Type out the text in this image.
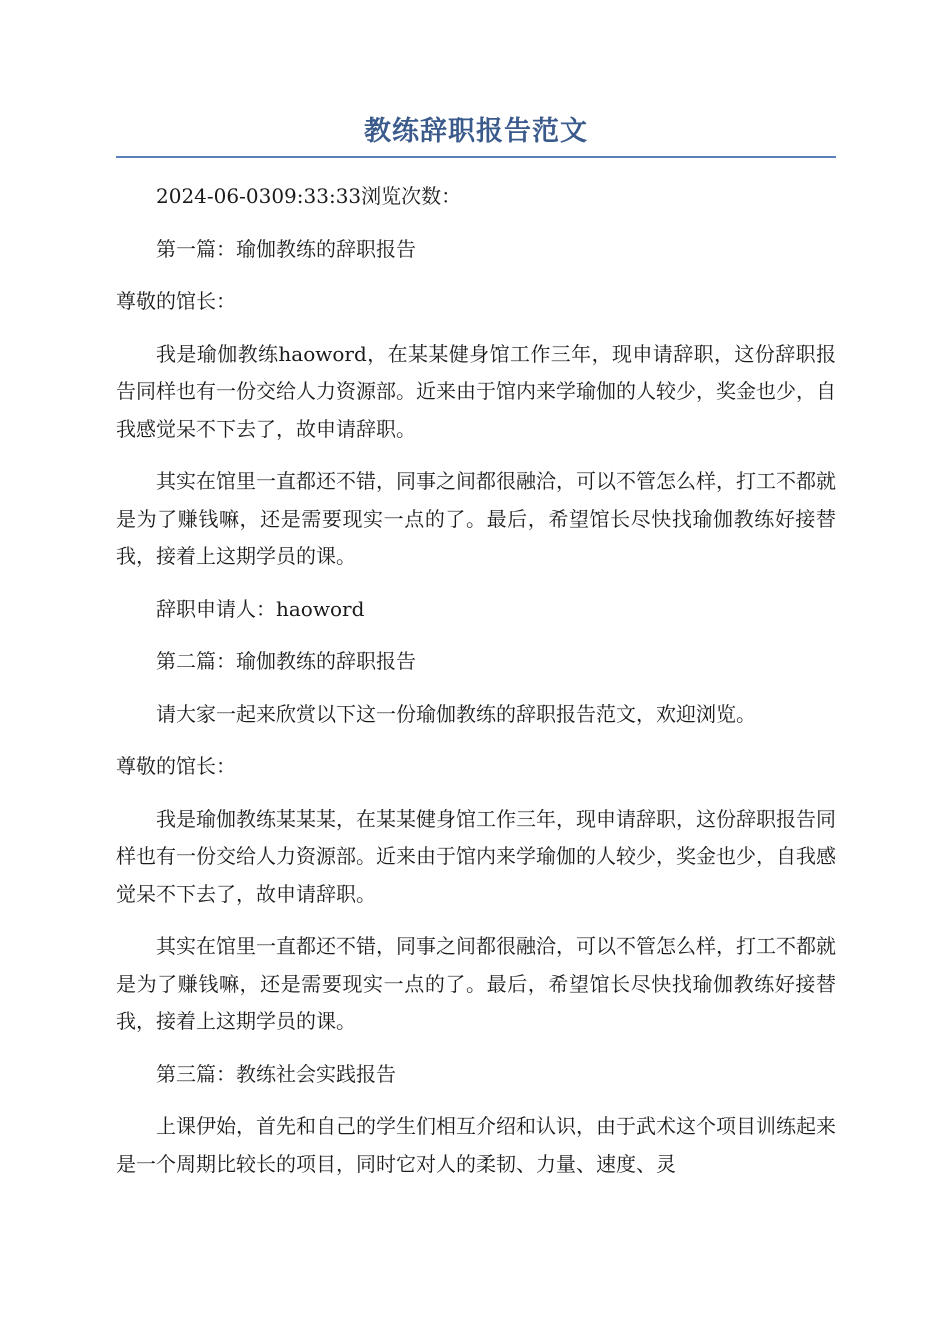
教练辞职报告范文

2024-06-0309:33:33浏览次数：

第一篇：瑜伽教练的辞职报告

尊敬的馆长：

我是瑜伽教练haoword，在某某健身馆工作三年，现申请辞职，这份辞职报告同样也有一份交给人力资源部。近来由于馆内来学瑜伽的人较少，奖金也少，自我感觉呆不下去了，故申请辞职。

其实在馆里一直都还不错，同事之间都很融洽，可以不管怎么样，打工不都就是为了赚钱嘛，还是需要现实一点的了。最后，希望馆长尽快找瑜伽教练好接替我，接着上这期学员的课。

辞职申请人：haoword

第二篇：瑜伽教练的辞职报告

请大家一起来欣赏以下这一份瑜伽教练的辞职报告范文，欢迎浏览。

尊敬的馆长：

我是瑜伽教练某某某，在某某健身馆工作三年，现申请辞职，这份辞职报告同样也有一份交给人力资源部。近来由于馆内来学瑜伽的人较少，奖金也少，自我感觉呆不下去了，故申请辞职。

其实在馆里一直都还不错，同事之间都很融洽，可以不管怎么样，打工不都就是为了赚钱嘛，还是需要现实一点的了。最后，希望馆长尽快找瑜伽教练好接替我，接着上这期学员的课。

第三篇：教练社会实践报告

上课伊始，首先和自己的学生们相互介绍和认识，由于武术这个项目训练起来是一个周期比较长的项目，同时它对人的柔韧、力量、速度、灵
